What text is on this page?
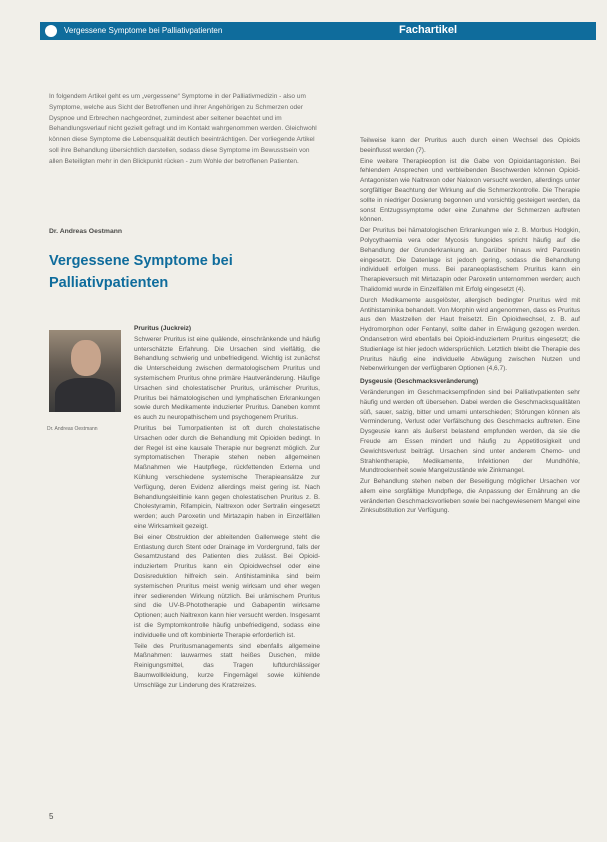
Vergessene Symptome bei Palliativpatienten	Fachartikel

In folgendem Artikel geht es um „vergessene“ Symptome in der Palliativmedizin - also um Symptome, welche aus Sicht der Betroffenen und ihrer Angehörigen zu Schmerzen oder Dyspnoe und Erbrechen nachgeordnet, zumindest aber seltener beachtet und im Behandlungsverlauf nicht gezielt gefragt und im Kontakt wahrgenommen werden. Gleichwohl können diese Symptome die Lebensqualität deutlich beeinträchtigen. Der vorliegende Artikel soll ihre Behandlung übersichtlich darstellen, sodass diese Symptome im Bewusstsein von allen Beteiligten mehr in den Blickpunkt rücken - zum Wohle der betroffenen Patienten.

Dr. Andreas Oestmann
Vergessene Symptome bei
Palliativpatienten
Dr. Andreas Oestmann

Pruritus (Juckreiz)

Schwerer Pruritus ist eine quälende, einschränkende und häufig unterschätzte Erfahrung. Die Ursachen sind vielfältig, die Behandlung schwierig und unbefriedigend. Wichtig ist zunächst die Unterscheidung zwischen dermatologischem Pruritus und systemischem Pruritus ohne primäre Hautveränderung. Häufige Ursachen sind cholestatischer Pruritus, urämischer Pruritus, Pruritus bei hämatologischen und lymphatischen Erkrankungen sowie durch Medikamente induzierter Pruritus. Daneben kommt es auch zu neuropathischem und psychogenem Pruritus.

Pruritus bei Tumorpatienten ist oft durch cholestatische Ursachen oder durch die Behandlung mit Opioiden bedingt. In der Regel ist eine kausale Therapie nur begrenzt möglich. Zur symptomatischen Therapie stehen neben allgemeinen Maßnahmen wie Hautpflege, rückfettenden Externa und Kühlung verschiedene systemische Therapieansätze zur Verfügung, deren Evidenz allerdings meist gering ist. Nach Behandlungsleitlinie kann gegen cholestatischen Pruritus z. B. Cholestyramin, Rifampicin, Naltrexon oder Sertralin eingesetzt werden; auch Paroxetin und Mirtazapin haben in Einzelfällen eine Wirksamkeit gezeigt.

Bei einer Obstruktion der ableitenden Gallenwege steht die Entlastung durch Stent oder Drainage im Vordergrund, falls der Gesamtzustand des Patienten dies zulässt. Bei Opioid-induziertem Pruritus kann ein Opioidwechsel oder eine Dosisreduktion hilfreich sein. Antihistaminika sind beim systemischen Pruritus meist wenig wirksam und eher wegen ihrer sedierenden Wirkung nützlich. Bei urämischem Pruritus sind die UV-B-Phototherapie und Gabapentin wirksame Optionen; auch Naltrexon kann hier versucht werden. Insgesamt ist die Symptomkontrolle häufig unbefriedigend, sodass eine individuelle und oft kombinierte Therapie erforderlich ist.

Teile des Pruritusmanagements sind ebenfalls allgemeine Maßnahmen: lauwarmes statt heißes Duschen, milde Reinigungsmittel, das Tragen luftdurchlässiger Baumwollkleidung, kurze Fingernägel sowie kühlende Umschläge zur Linderung des Kratzreizes.

Teilweise kann der Pruritus auch durch einen Wechsel des Opioids beeinflusst werden (7).

Eine weitere Therapieoption ist die Gabe von Opioidantagonisten. Bei fehlendem Ansprechen und verbleibenden Beschwerden können Opioid-Antagonisten wie Naltrexon oder Naloxon versucht werden, allerdings unter sorgfältiger Beachtung der Wirkung auf die Schmerzkontrolle. Die Therapie sollte in niedriger Dosierung begonnen und vorsichtig gesteigert werden, da sonst Entzugssymptome oder eine Zunahme der Schmerzen auftreten können.

Der Pruritus bei hämatologischen Erkrankungen wie z. B. Morbus Hodgkin, Polycythaemia vera oder Mycosis fungoides spricht häufig auf die Behandlung der Grunderkrankung an. Darüber hinaus wird Paroxetin eingesetzt. Die Datenlage ist jedoch gering, sodass die Behandlung individuell erfolgen muss. Bei paraneoplastischem Pruritus kann ein Therapieversuch mit Mirtazapin oder Paroxetin unternommen werden; auch Thalidomid wurde in Einzelfällen mit Erfolg eingesetzt (4).

Durch Medikamente ausgelöster, allergisch bedingter Pruritus wird mit Antihistaminika behandelt. Von Morphin wird angenommen, dass es Pruritus aus den Mastzellen der Haut freisetzt. Ein Opioidwechsel, z. B. auf Hydromorphon oder Fentanyl, sollte daher in Erwägung gezogen werden. Ondansetron wird ebenfalls bei Opioid-induziertem Pruritus eingesetzt; die Studienlage ist hier jedoch widersprüchlich. Letztlich bleibt die Therapie des Pruritus häufig eine individuelle Abwägung zwischen Nutzen und Nebenwirkungen der verfügbaren Optionen (4,6,7).

Dysgeusie (Geschmacksveränderung)

Veränderungen im Geschmacksempfinden sind bei Palliativpatienten sehr häufig und werden oft übersehen. Dabei werden die Geschmacksqualitäten süß, sauer, salzig, bitter und umami unterschieden; Störungen können als Verminderung, Verlust oder Verfälschung des Geschmacks auftreten. Eine Dysgeusie kann als äußerst belastend empfunden werden, da sie die Freude am Essen mindert und häufig zu Appetitlosigkeit und Gewichtsverlust beiträgt. Ursachen sind unter anderem Chemo- und Strahlentherapie, Medikamente, Infektionen der Mundhöhle, Mundtrockenheit sowie Mangelzustände wie Zinkmangel.

Zur Behandlung stehen neben der Beseitigung möglicher Ursachen vor allem eine sorgfältige Mundpflege, die Anpassung der Ernährung an die veränderten Geschmacksvorlieben sowie bei nachgewiesenem Mangel eine Zinksubstitution zur Verfügung.

5
